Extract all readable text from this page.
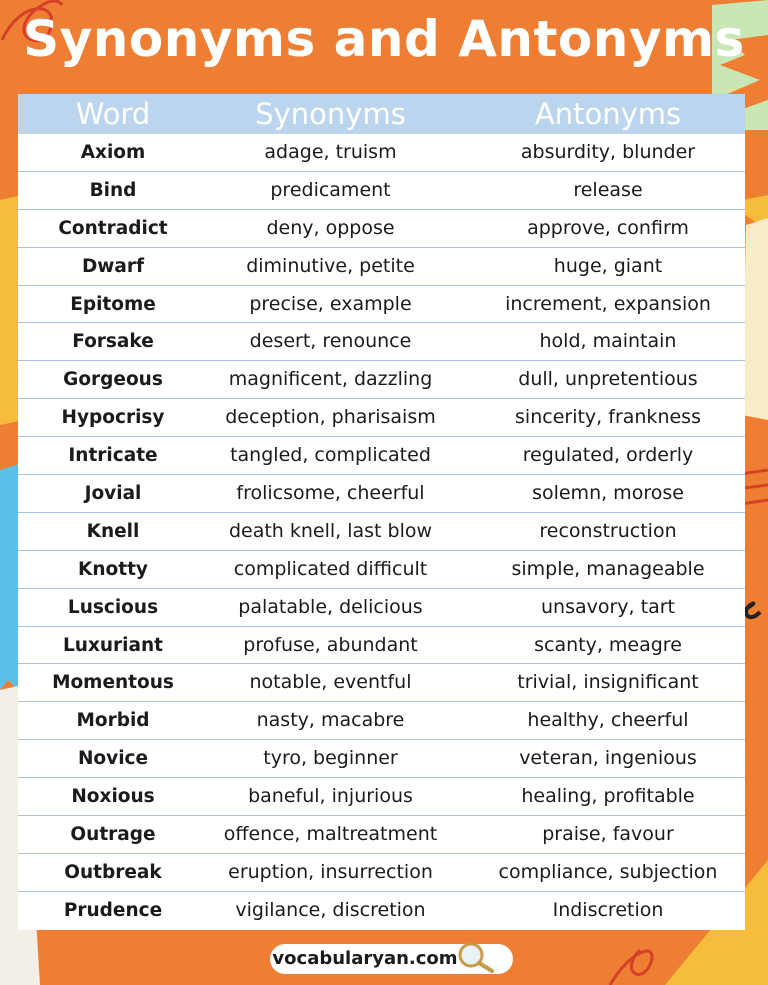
Synonyms and Antonyms
Word	Synonyms	Antonyms
Axiom	adage, truism	absurdity, blunder
Bind	predicament	release
Contradict	deny, oppose	approve, confirm
Dwarf	diminutive, petite	huge, giant
Epitome	precise, example	increment, expansion
Forsake	desert, renounce	hold, maintain
Gorgeous	magnificent, dazzling	dull, unpretentious
Hypocrisy	deception, pharisaism	sincerity, frankness
Intricate	tangled, complicated	regulated, orderly
Jovial	frolicsome, cheerful	solemn, morose
Knell	death knell, last blow	reconstruction
Knotty	complicated difficult	simple, manageable
Luscious	palatable, delicious	unsavory, tart
Luxuriant	profuse, abundant	scanty, meagre
Momentous	notable, eventful	trivial, insignificant
Morbid	nasty, macabre	healthy, cheerful
Novice	tyro, beginner	veteran, ingenious
Noxious	baneful, injurious	healing, profitable
Outrage	offence, maltreatment	praise, favour
Outbreak	eruption, insurrection	compliance, subjection
Prudence	vigilance, discretion	Indiscretion
vocabularyan.com
